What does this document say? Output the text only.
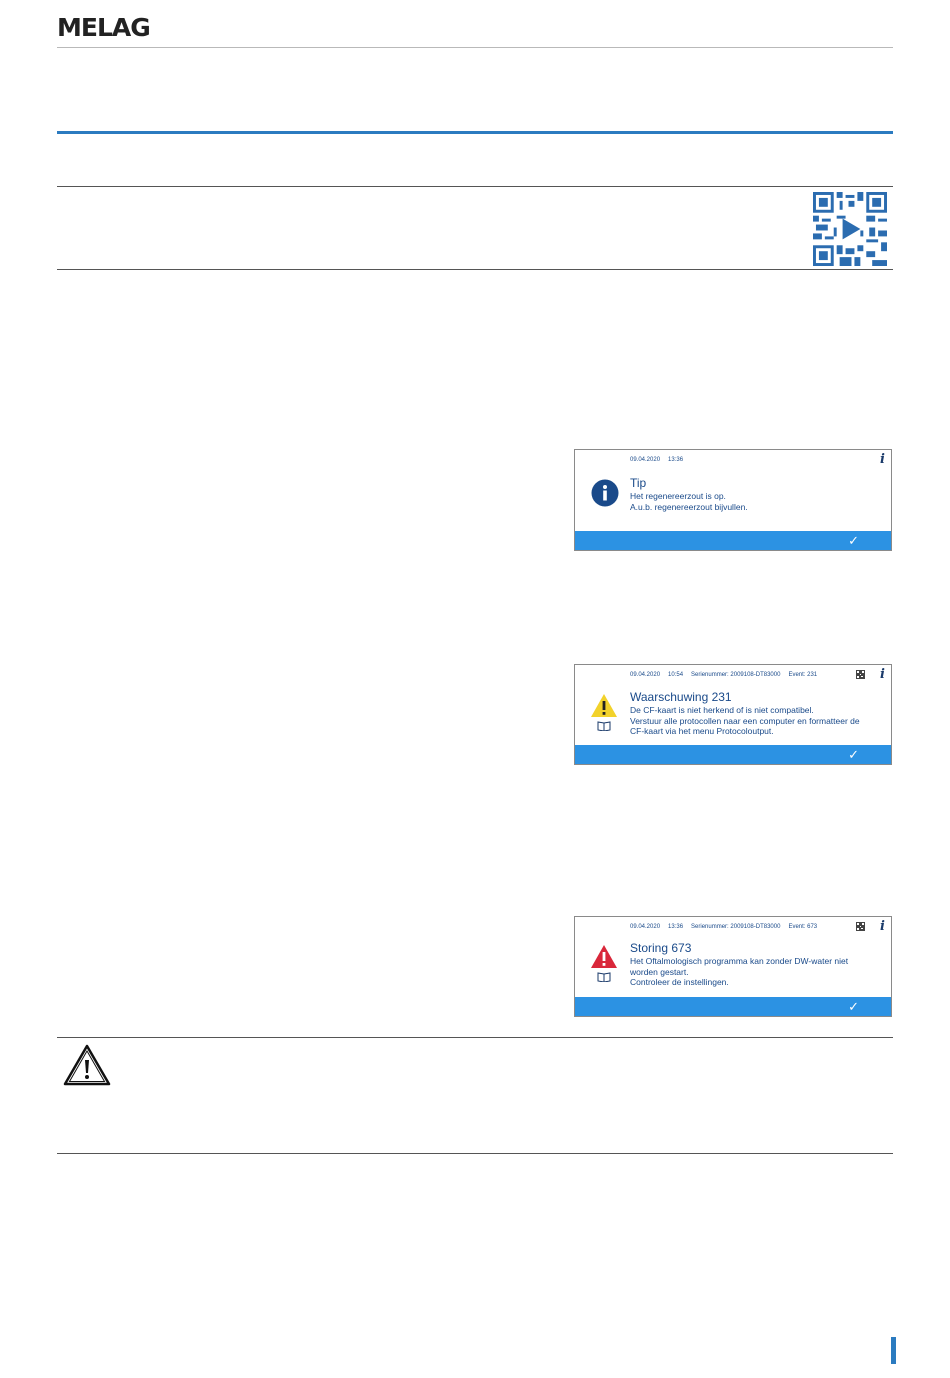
MELAG
09.04.2020 13:36	i
Tip
Het regenereerzout is op.
A.u.b. regenereerzout bijvullen.
✓
09.04.2020 10:54 Serienummer: 2009108-DT83000 Event: 231	i
Waarschuwing 231
De CF-kaart is niet herkend of is niet compatibel.
Verstuur alle protocollen naar een computer en formatteer de
CF-kaart via het menu Protocoloutput.
✓
09.04.2020 13:36 Serienummer: 2009108-DT83000 Event: 673	i
Storing 673
Het Oftalmologisch programma kan zonder DW-water niet
worden gestart.
Controleer de instellingen.
✓
